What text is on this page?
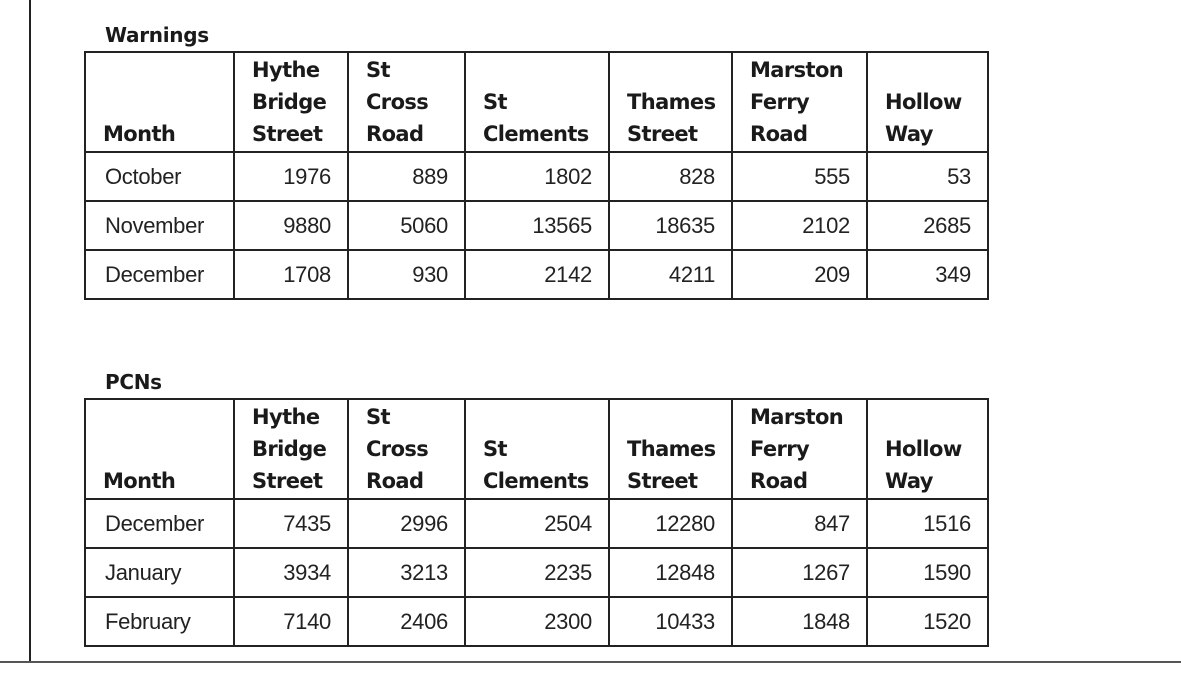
Warnings
Month	Hythe
Bridge
Street	St
Cross
Road	St
Clements	Thames
Street	Marston
Ferry
Road	Hollow
Way

October	1976	889	1802	828	555	53
November	9880	5060	13565	18635	2102	2685
December	1708	930	2142	4211	209	349
PCNs
Month	Hythe
Bridge
Street	St
Cross
Road	St
Clements	Thames
Street	Marston
Ferry
Road	Hollow
Way

December	7435	2996	2504	12280	847	1516
January	3934	3213	2235	12848	1267	1590
February	7140	2406	2300	10433	1848	1520
